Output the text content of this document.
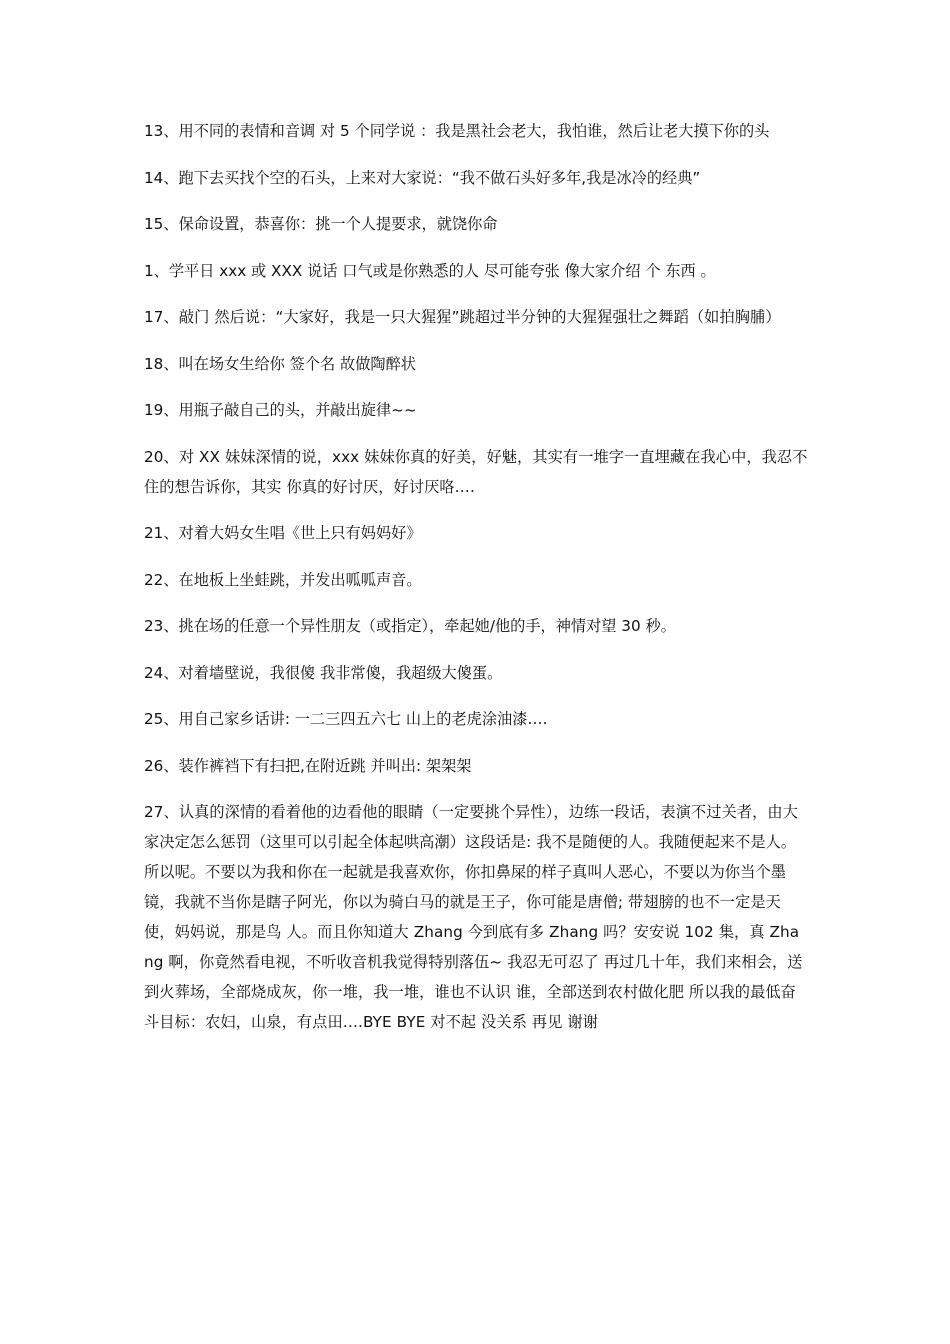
13、用不同的表情和音调 对 5 个同学说 ：我是黑社会老大，我怕谁，然后让老大摸下你的头

14、跑下去买找个空的石头，上来对大家说：“我不做石头好多年,我是冰冷的经典”

15、保命设置，恭喜你：挑一个人提要求，就饶你命

1、学平日 xxx 或 XXX 说话 口气或是你熟悉的人 尽可能夸张 像大家介绍 个 东西 。

17、敲门 然后说：“大家好，我是一只大猩猩”跳超过半分钟的大猩猩强壮之舞蹈（如拍胸脯）

18、叫在场女生给你 签个名 故做陶醉状

19、用瓶子敲自己的头，并敲出旋律~~

20、对 XX 妹妹深情的说，xxx 妹妹你真的好美，好魅，其实有一堆字一直埋藏在我心中，我忍不住的想告诉你，其实 你真的好讨厌，好讨厌咯….

21、对着大妈女生唱《世上只有妈妈好》

22、在地板上坐蛙跳，并发出呱呱声音。

23、挑在场的任意一个异性朋友（或指定），牵起她/他的手，神情对望 30 秒。

24、对着墙壁说，我很傻 我非常傻，我超级大傻蛋。

25、用自己家乡话讲: 一二三四五六七 山上的老虎涂油漆….

26、装作裤裆下有扫把,在附近跳 并叫出: 架架架

27、认真的深情的看着他的边看他的眼睛（一定要挑个异性），边练一段话，表演不过关者，由大家决定怎么惩罚（这里可以引起全体起哄高潮）这段话是: 我不是随便的人。我随便起来不是人。所以呢。不要以为我和你在一起就是我喜欢你，你扣鼻屎的样子真叫人恶心，不要以为你当个墨镜，我就不当你是瞎子阿光，你以为骑白马的就是王子，你可能是唐僧; 带翅膀的也不一定是天使，妈妈说，那是鸟 人。而且你知道大 Zhang 今到底有多 Zhang 吗？安安说 102 集，真 Zhang 啊，你竟然看电视，不听收音机我觉得特别落伍~ 我忍无可忍了 再过几十年，我们来相会，送到火葬场，全部烧成灰，你一堆，我一堆，谁也不认识 谁，全部送到农村做化肥 所以我的最低奋斗目标：农妇，山泉，有点田….BYE BYE 对不起 没关系 再见 谢谢
